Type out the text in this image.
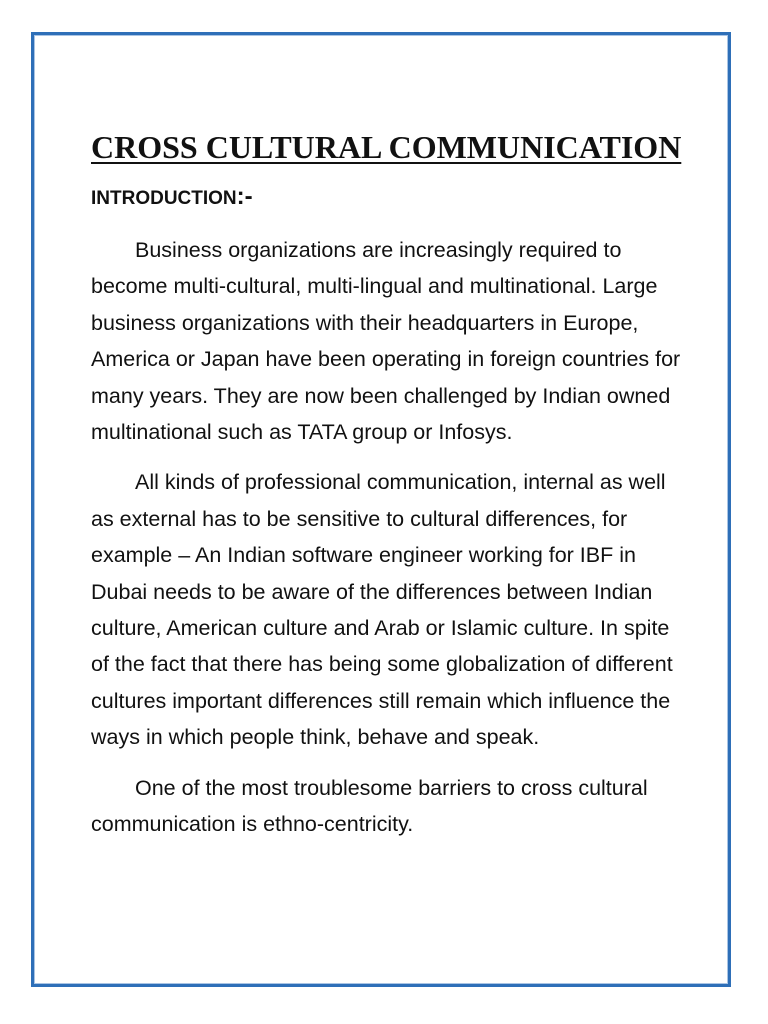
CROSS CULTURAL COMMUNICATION
INTRODUCTION:-

Business organizations are increasingly required to become multi-cultural, multi-lingual and multinational. Large business organizations with their headquarters in Europe, America or Japan have been operating in foreign countries for many years. They are now been challenged by Indian owned multinational such as TATA group or Infosys.

All kinds of professional communication, internal as well as external has to be sensitive to cultural differences, for example – An Indian software engineer working for IBF in Dubai needs to be aware of the differences between Indian culture, American culture and Arab or Islamic culture. In spite of the fact that there has being some globalization of different cultures important differences still remain which influence the ways in which people think, behave and speak.

One of the most troublesome barriers to cross cultural communication is ethno-centricity.
